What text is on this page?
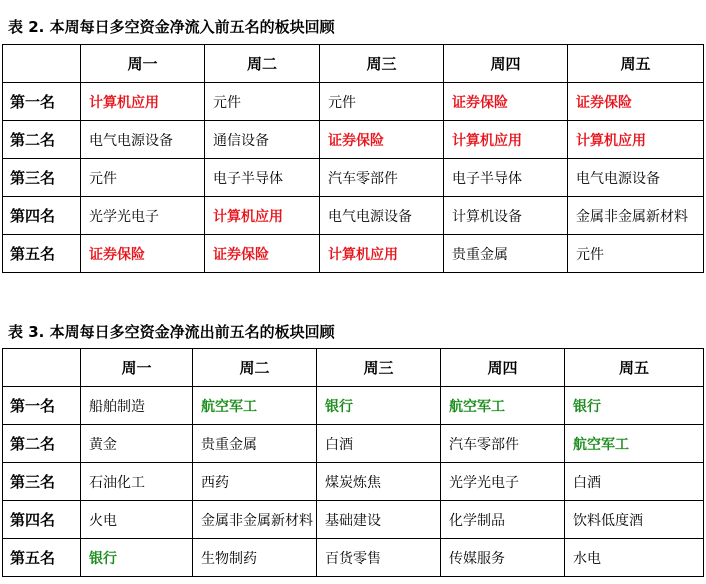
表 2. 本周每日多空资金净流入前五名的板块回顾
	周一	周二	周三	周四	周五
第一名	计算机应用	元件	元件	证券保险	证券保险
第二名	电气电源设备	通信设备	证券保险	计算机应用	计算机应用
第三名	元件	电子半导体	汽车零部件	电子半导体	电气电源设备
第四名	光学光电子	计算机应用	电气电源设备	计算机设备	金属非金属新材料
第五名	证券保险	证券保险	计算机应用	贵重金属	元件
表 3. 本周每日多空资金净流出前五名的板块回顾
	周一	周二	周三	周四	周五
第一名	船舶制造	航空军工	银行	航空军工	银行
第二名	黄金	贵重金属	白酒	汽车零部件	航空军工
第三名	石油化工	西药	煤炭炼焦	光学光电子	白酒
第四名	火电	金属非金属新材料	基础建设	化学制品	饮料低度酒
第五名	银行	生物制药	百货零售	传媒服务	水电
